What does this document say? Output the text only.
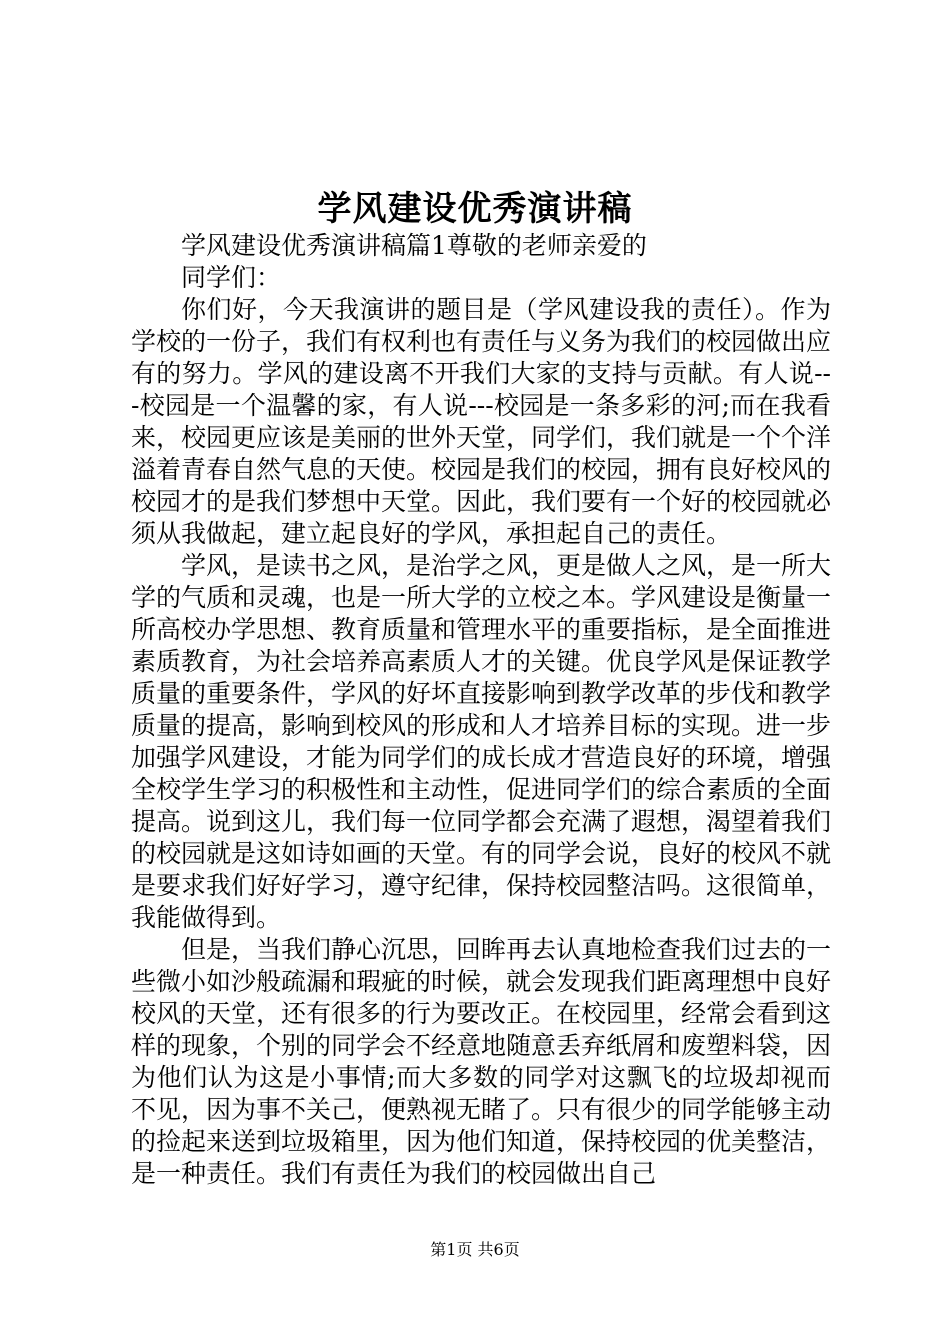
学风建设优秀演讲稿

学风建设优秀演讲稿篇1尊敬的老师亲爱的

同学们：

你们好，今天我演讲的题目是（学风建设我的责任）。作为学校的一份子，我们有权利也有责任与义务为我们的校园做出应有的努力。学风的建设离不开我们大家的支持与贡献。有人说---校园是一个温馨的家，有人说---校园是一条多彩的河;而在我看来，校园更应该是美丽的世外天堂，同学们，我们就是一个个洋溢着青春自然气息的天使。校园是我们的校园，拥有良好校风的校园才的是我们梦想中天堂。因此，我们要有一个好的校园就必须从我做起，建立起良好的学风，承担起自己的责任。

学风，是读书之风，是治学之风，更是做人之风，是一所大学的气质和灵魂，也是一所大学的立校之本。学风建设是衡量一所高校办学思想、教育质量和管理水平的重要指标，是全面推进素质教育，为社会培养高素质人才的关键。优良学风是保证教学质量的重要条件，学风的好坏直接影响到教学改革的步伐和教学质量的提高，影响到校风的形成和人才培养目标的实现。进一步加强学风建设，才能为同学们的成长成才营造良好的环境，增强全校学生学习的积极性和主动性，促进同学们的综合素质的全面提高。说到这儿，我们每一位同学都会充满了遐想，渴望着我们的校园就是这如诗如画的天堂。有的同学会说，良好的校风不就是要求我们好好学习，遵守纪律，保持校园整洁吗。这很简单，我能做得到。

但是，当我们静心沉思，回眸再去认真地检查我们过去的一些微小如沙般疏漏和瑕疵的时候，就会发现我们距离理想中良好校风的天堂，还有很多的行为要改正。在校园里，经常会看到这样的现象，个别的同学会不经意地随意丢弃纸屑和废塑料袋，因为他们认为这是小事情;而大多数的同学对这飘飞的垃圾却视而不见，因为事不关己，便熟视无睹了。只有很少的同学能够主动的捡起来送到垃圾箱里，因为他们知道，保持校园的优美整洁，是一种责任。我们有责任为我们的校园做出自己

第1页 共6页
